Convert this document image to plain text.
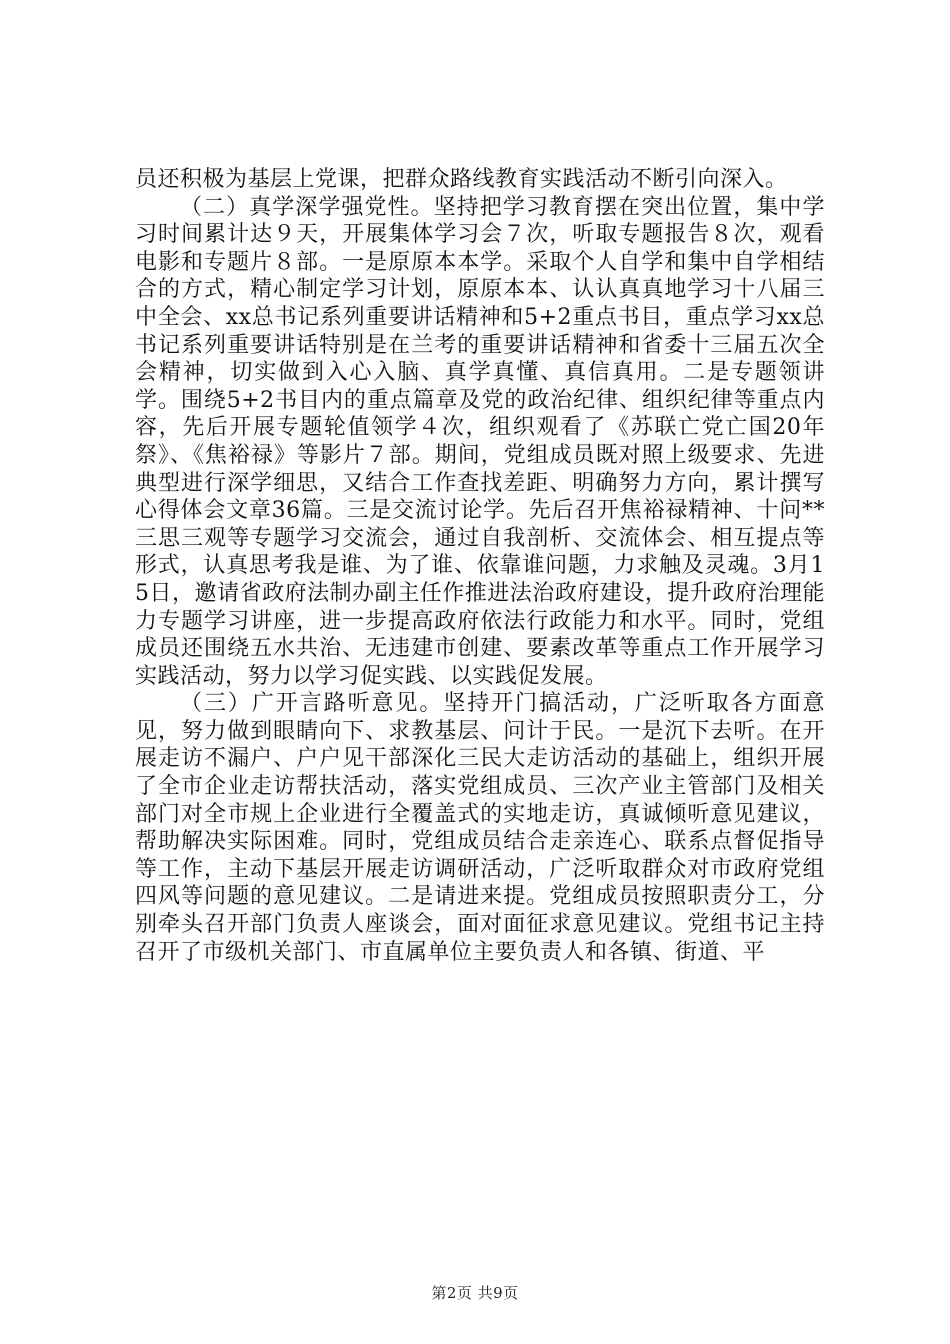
员还积极为基层上党课，把群众路线教育实践活动不断引向深入。

（二）真学深学强党性。坚持把学习教育摆在突出位置，集中学习时间累计达９天，开展集体学习会７次，听取专题报告８次，观看电影和专题片８部。一是原原本本学。采取个人自学和集中自学相结合的方式，精心制定学习计划，原原本本、认认真真地学习十八届三中全会、xx总书记系列重要讲话精神和5+2重点书目，重点学习xx总书记系列重要讲话特别是在兰考的重要讲话精神和省委十三届五次全会精神，切实做到入心入脑、真学真懂、真信真用。二是专题领讲学。围绕5+2书目内的重点篇章及党的政治纪律、组织纪律等重点内容，先后开展专题轮值领学４次，组织观看了《苏联亡党亡国20年祭》、《焦裕禄》等影片７部。期间，党组成员既对照上级要求、先进典型进行深学细思，又结合工作查找差距、明确努力方向，累计撰写心得体会文章36篇。三是交流讨论学。先后召开焦裕禄精神、十问**三思三观等专题学习交流会，通过自我剖析、交流体会、相互提点等形式，认真思考我是谁、为了谁、依靠谁问题，力求触及灵魂。3月15日，邀请省政府法制办副主任作推进法治政府建设，提升政府治理能力专题学习讲座，进一步提高政府依法行政能力和水平。同时，党组成员还围绕五水共治、无违建市创建、要素改革等重点工作开展学习实践活动，努力以学习促实践、以实践促发展。

（三）广开言路听意见。坚持开门搞活动，广泛听取各方面意见，努力做到眼睛向下、求教基层、问计于民。一是沉下去听。在开展走访不漏户、户户见干部深化三民大走访活动的基础上，组织开展了全市企业走访帮扶活动，落实党组成员、三次产业主管部门及相关部门对全市规上企业进行全覆盖式的实地走访，真诚倾听意见建议，帮助解决实际困难。同时，党组成员结合走亲连心、联系点督促指导等工作，主动下基层开展走访调研活动，广泛听取群众对市政府党组四风等问题的意见建议。二是请进来提。党组成员按照职责分工，分别牵头召开部门负责人座谈会，面对面征求意见建议。党组书记主持召开了市级机关部门、市直属单位主要负责人和各镇、街道、平

第2页 共9页
